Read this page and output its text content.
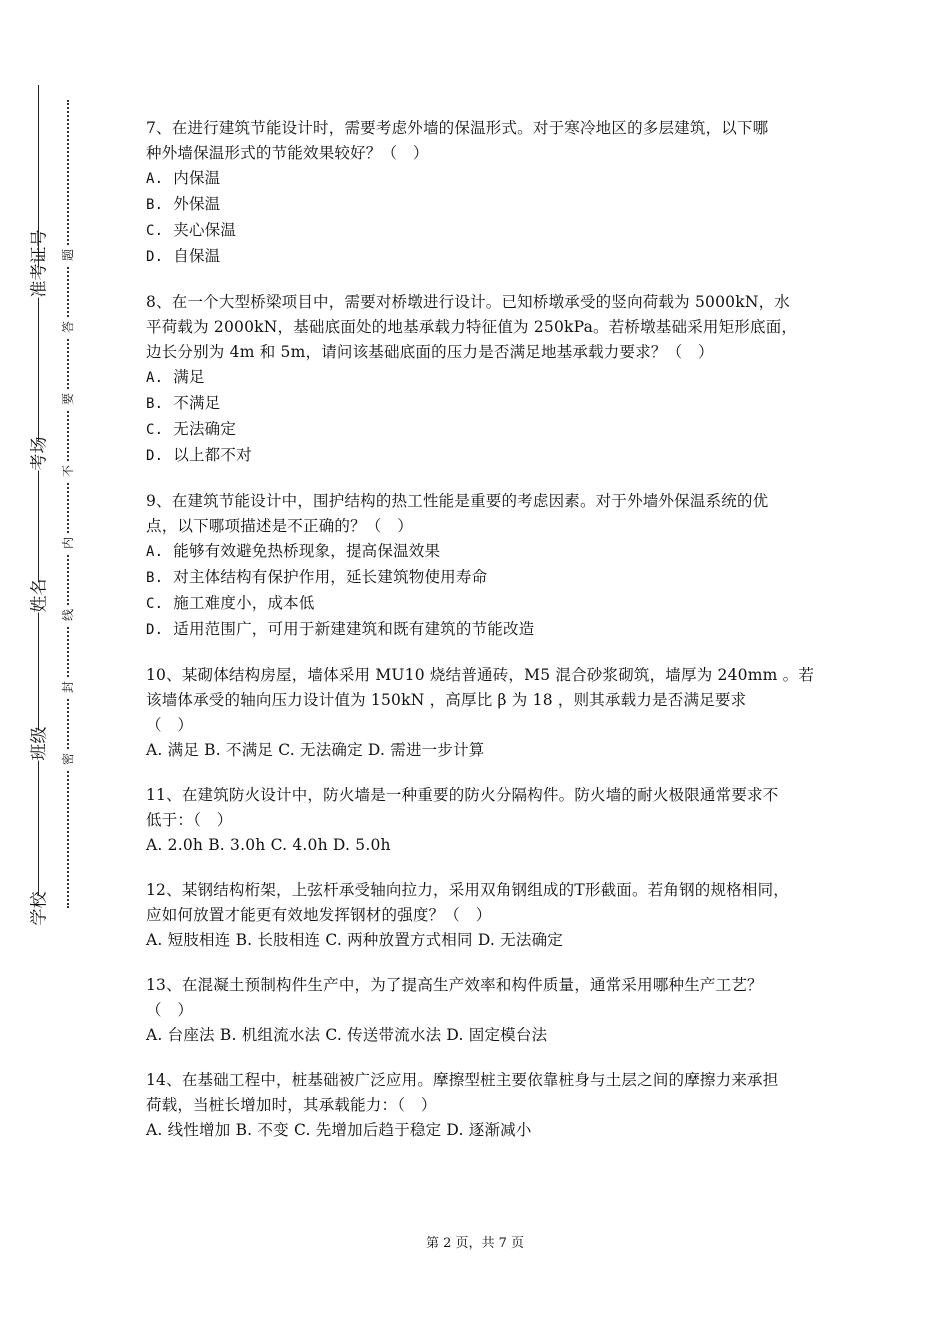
准考证号
考场
姓名
班级
学校
题
答
要
不
内
线
封
密
7、在进行建筑节能设计时，需要考虑外墙的保温形式。对于寒冷地区的多层建筑，以下哪
种外墙保温形式的节能效果较好？（　）
A. 内保温
B. 外保温
C. 夹心保温
D. 自保温
8、在一个大型桥梁项目中，需要对桥墩进行设计。已知桥墩承受的竖向荷载为 5000kN，水
平荷载为 2000kN，基础底面处的地基承载力特征值为 250kPa。若桥墩基础采用矩形底面，
边长分别为 4m 和 5m，请问该基础底面的压力是否满足地基承载力要求？（　）
A. 满足
B. 不满足
C. 无法确定
D. 以上都不对
9、在建筑节能设计中，围护结构的热工性能是重要的考虑因素。对于外墙外保温系统的优
点，以下哪项描述是不正确的？（　）
A. 能够有效避免热桥现象，提高保温效果
B. 对主体结构有保护作用，延长建筑物使用寿命
C. 施工难度小，成本低
D. 适用范围广，可用于新建建筑和既有建筑的节能改造
10、某砌体结构房屋，墙体采用 MU10 烧结普通砖，M5 混合砂浆砌筑，墙厚为 240mm 。若
该墙体承受的轴向压力设计值为 150kN ，高厚比 β 为 18 ，则其承载力是否满足要求
（　）
A. 满足 B. 不满足 C. 无法确定 D. 需进一步计算
11、在建筑防火设计中，防火墙是一种重要的防火分隔构件。防火墙的耐火极限通常要求不
低于：（　）
A. 2.0h B. 3.0h C. 4.0h D. 5.0h
12、某钢结构桁架，上弦杆承受轴向拉力，采用双角钢组成的T形截面。若角钢的规格相同，
应如何放置才能更有效地发挥钢材的强度？（　）
A. 短肢相连 B. 长肢相连 C. 两种放置方式相同 D. 无法确定
13、在混凝土预制构件生产中，为了提高生产效率和构件质量，通常采用哪种生产工艺？
（　）
A. 台座法 B. 机组流水法 C. 传送带流水法 D. 固定模台法
14、在基础工程中，桩基础被广泛应用。摩擦型桩主要依靠桩身与土层之间的摩擦力来承担
荷载，当桩长增加时，其承载能力：（　）
A. 线性增加 B. 不变 C. 先增加后趋于稳定 D. 逐渐减小
第 2 页，共 7 页
